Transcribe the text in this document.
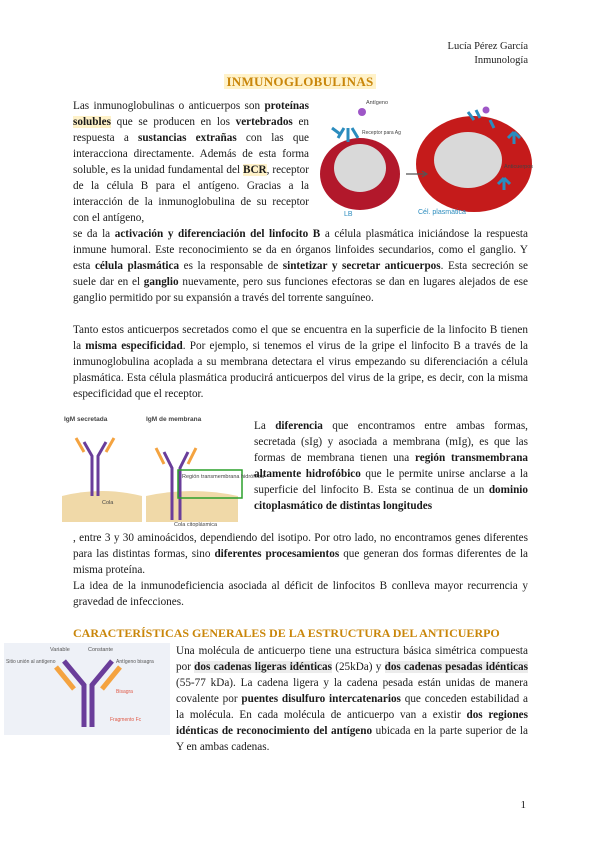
Lucía Pérez García
Inmunología
INMUNOGLOBULINAS
Las inmunoglobulinas o anticuerpos son proteínas solubles que se producen en los vertebrados en respuesta a sustancias extrañas con las que interacciona directamente. Además de esta forma soluble, es la unidad fundamental del BCR, receptor de la célula B para el antígeno. Gracias a la interacción de la inmunoglobulina de su receptor con el antígeno,
Antígeno
Receptor para Ag
LB	Cél. plasmática
Anticuerpos
se da la activación y diferenciación del linfocito B a célula plasmática iniciándose la respuesta inmune humoral. Este reconocimiento se da en órganos linfoides secundarios, como el ganglio. Y esta célula plasmática es la responsable de sintetizar y secretar anticuerpos. Esta secreción se suele dar en el ganglio nuevamente, pero sus funciones efectoras se dan en lugares alejados de ese ganglio permitido por su expansión a través del torrente sanguíneo.
Tanto estos anticuerpos secretados como el que se encuentra en la superficie de la linfocito B tienen la misma especificidad. Por ejemplo, si tenemos el virus de la gripe el linfocito B a través de la inmunoglobulina acoplada a su membrana detectara el virus empezando su diferenciación a célula plasmática. Esta célula plasmática producirá anticuerpos del virus de la gripe, es decir, con la misma especificidad que el receptor.
IgM secretada	IgM de membrana
Cola
Región transmembrana hidrófoba
Cola citoplásmica
La diferencia que encontramos entre ambas formas, secretada (sIg) y asociada a membrana (mIg), es que las formas de membrana tienen una región transmembrana altamente hidrofóbico que le permite unirse anclarse a la superficie del linfocito B. Esta se continua de un dominio citoplasmático de distintas longitudes
, entre 3 y 30 aminoácidos, dependiendo del isotipo. Por otro lado, no encontramos genes diferentes para las distintas formas, sino diferentes procesamientos que generan dos formas diferentes de la misma proteína.
La idea de la inmunodeficiencia asociada al déficit de linfocitos B conlleva mayor recurrencia y gravedad de infecciones.
CARACTERÍSTICAS GENERALES DE LA ESTRUCTURA DEL ANTICUERPO
Variable	Constante
Sitio unión al antígeno	Antígeno bisagra
Bisagra
Fragmento Fc
Una molécula de anticuerpo tiene una estructura básica simétrica compuesta por dos cadenas ligeras idénticas (25kDa) y dos cadenas pesadas idénticas (55-77 kDa). La cadena ligera y la cadena pesada están unidas de manera covalente por puentes disulfuro intercatenarios que conceden estabilidad a la molécula. En cada molécula de anticuerpo van a existir dos regiones idénticas de reconocimiento del antígeno ubicada en la parte superior de la Y en ambas cadenas.
1
